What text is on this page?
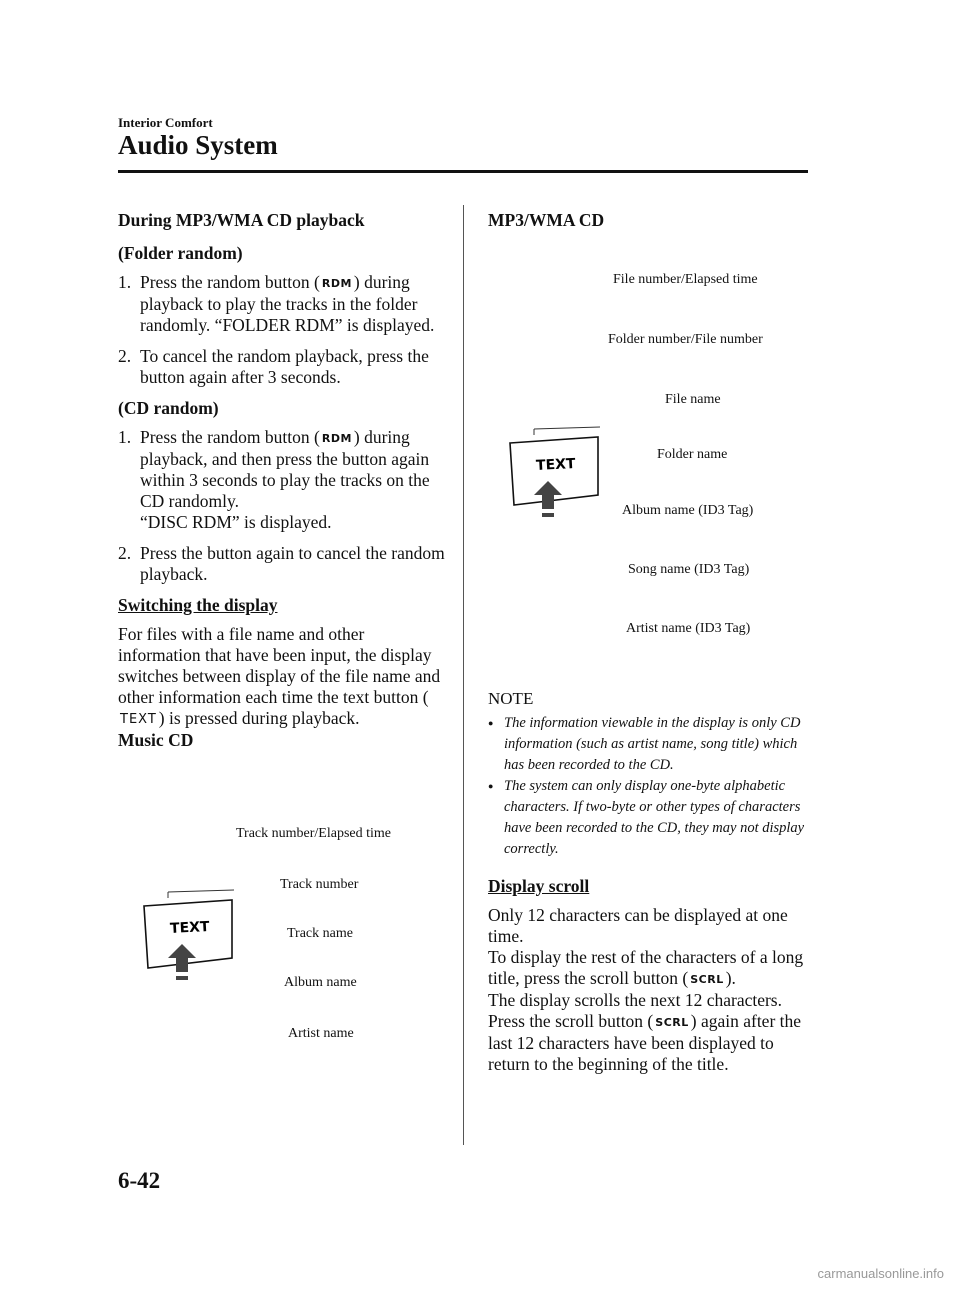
Interior Comfort
Audio System
During MP3/WMA CD playback
(Folder random)
1. Press the random button ( RDM ) during playback to play the tracks in the folder randomly. “FOLDER RDM” is displayed.
2. To cancel the random playback, press the button again after 3 seconds.
(CD random)
1. Press the random button ( RDM ) during playback, and then press the button again within 3 seconds to play the tracks on the CD randomly.
“DISC RDM” is displayed.
2. Press the button again to cancel the random playback.
Switching the display

For files with a file name and other information that have been input, the display switches between display of the file name and other information each time the text button (TEXT ) is pressed during playback.

Music CD
TEXT
Track number/Elapsed time
Track number
Track name
Album name
Artist name
MP3/WMA CD
File number/Elapsed time
Folder number/File number
File name
Folder name
Album name (ID3 Tag)
Song name (ID3 Tag)
Artist name (ID3 Tag)
TEXT
NOTE
● The information viewable in the display is only CD information (such as artist name, song title) which has been recorded to the CD.
● The system can only display one-byte alphabetic characters. If two-byte or other types of characters have been recorded to the CD, they may not display correctly.
Display scroll
Only 12 characters can be displayed at one time.
To display the rest of the characters of a long title, press the scroll button ( SCRL ).
The display scrolls the next 12 characters.
Press the scroll button ( SCRL ) again after the last 12 characters have been displayed to return to the beginning of the title.
6-42
carmanualsonline.info
